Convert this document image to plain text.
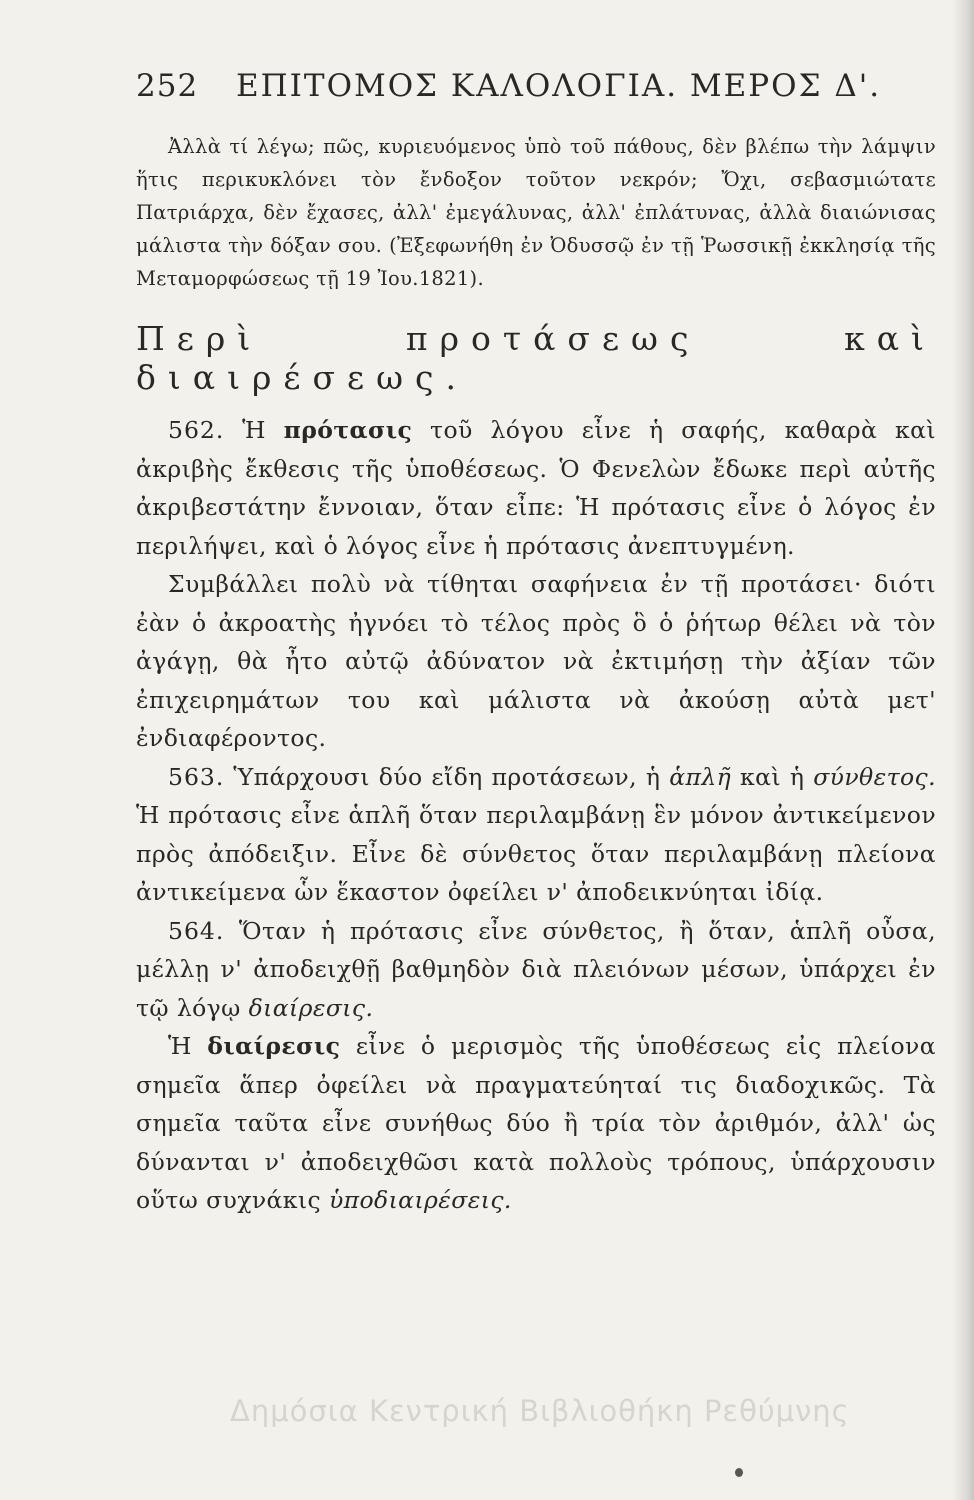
252 ΕΠΙΤΟΜΟΣ ΚΑΛΟΛΟΓΙΑ. ΜΕΡΟΣ Δ'.

Ἀλλὰ τί λέγω; πῶς, κυριευόμενος ὑπὸ τοῦ πάθους, δὲν βλέπω τὴν λάμψιν ἥτις περικυκλόνει τὸν ἔνδοξον τοῦτον νεκρόν; Ὄχι, σεβασμιώτατε Πατριάρχα, δὲν ἔχασες, ἀλλ' ἐμεγάλυνας, ἀλλ' ἐπλάτυνας, ἀλλὰ διαιώνισας μάλιστα τὴν δόξαν σου. (Ἐξεφωνήθη ἐν Ὀδυσσῷ ἐν τῇ Ῥωσσικῇ ἐκκλησίᾳ τῆς Μεταμορφώσεως τῇ 19 Ἰου.1821).

Περὶ προτάσεως καὶ διαιρέσεως.

562. Ἡ πρότασις τοῦ λόγου εἶνε ἡ σαφής, καθαρὰ καὶ ἀκριβὴς ἔκθεσις τῆς ὑποθέσεως. Ὁ Φενελὼν ἔδωκε περὶ αὐτῆς ἀκριβεστάτην ἔννοιαν, ὅταν εἶπε: Ἡ πρότασις εἶνε ὁ λόγος ἐν περιλήψει, καὶ ὁ λόγος εἶνε ἡ πρότασις ἀνεπτυγμένη.

Συμβάλλει πολὺ νὰ τίθηται σαφήνεια ἐν τῇ προτάσει· διότι ἐὰν ὁ ἀκροατὴς ἠγνόει τὸ τέλος πρὸς ὃ ὁ ῥήτωρ θέλει νὰ τὸν ἀγάγῃ, θὰ ἦτο αὐτῷ ἀδύνατον νὰ ἐκτιμήσῃ τὴν ἀξίαν τῶν ἐπιχειρημάτων του καὶ μάλιστα νὰ ἀκούσῃ αὐτὰ μετ' ἐνδιαφέροντος.

563. Ὑπάρχουσι δύο εἴδη προτάσεων, ἡ ἁπλῆ καὶ ἡ σύνθετος. Ἡ πρότασις εἶνε ἁπλῆ ὅταν περιλαμβάνῃ ἓν μόνον ἀντικείμενον πρὸς ἀπόδειξιν. Εἶνε δὲ σύνθετος ὅταν περιλαμβάνῃ πλείονα ἀντικείμενα ὧν ἕκαστον ὀφείλει ν' ἀποδεικνύηται ἰδίᾳ.

564. Ὅταν ἡ πρότασις εἶνε σύνθετος, ἢ ὅταν, ἁπλῆ οὖσα, μέλλῃ ν' ἀποδειχθῇ βαθμηδὸν διὰ πλειόνων μέσων, ὑπάρχει ἐν τῷ λόγῳ διαίρεσις.

Ἡ διαίρεσις εἶνε ὁ μερισμὸς τῆς ὑποθέσεως εἰς πλείονα σημεῖα ἅπερ ὀφείλει νὰ πραγματεύηταί τις διαδοχικῶς. Τὰ σημεῖα ταῦτα εἶνε συνήθως δύο ἢ τρία τὸν ἀριθμόν, ἀλλ' ὡς δύνανται ν' ἀποδειχθῶσι κατὰ πολλοὺς τρόπους, ὑπάρχουσιν οὕτω συχνάκις ὑποδιαιρέσεις.

Δημόσια Κεντρική Βιβλιοθήκη Ρεθύμνης
